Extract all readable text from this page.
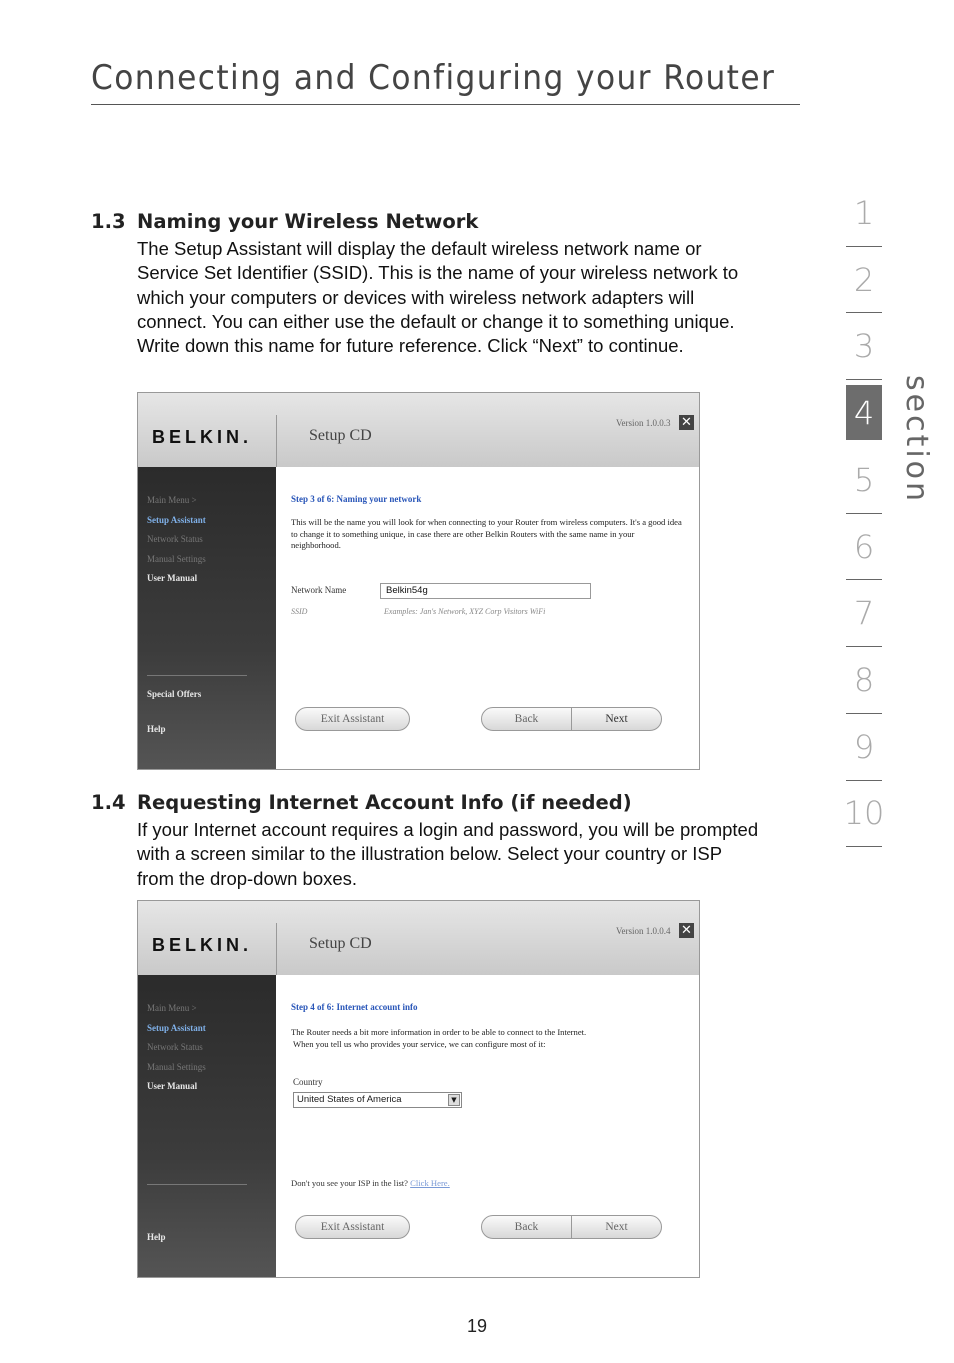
Connecting and Configuring your Router
1
2
3
4
5
6
7
8
9
10
section
1.3 Naming your Wireless Network

The Setup Assistant will display the default wireless network name or Service Set Identifier (SSID). This is the name of your wireless network to which your computers or devices with wireless network adapters will connect. You can either use the default or change it to something unique. Write down this name for future reference. Click “Next” to continue.

BELKIN.	Setup CD
Version 1.0.0.3 ✕
Main Menu >
Setup Assistant
Network Status
Manual Settings
User Manual
Special Offers
Help
Step 3 of 6: Naming your network
This will be the name you will look for when connecting to your Router from wireless computers. It's a good idea to change it to something unique, in case there are other Belkin Routers with the same name in your neighborhood.
Network Name	Belkin54g
SSID	Examples: Jan's Network, XYZ Corp Visitors WiFi
Exit Assistant	Back	Next
1.4 Requesting Internet Account Info (if needed)

If your Internet account requires a login and password, you will be prompted with a screen similar to the illustration below. Select your country or ISP from the drop-down boxes.

BELKIN.	Setup CD
Version 1.0.0.4 ✕
Main Menu >
Setup Assistant
Network Status
Manual Settings
User Manual
Help
Step 4 of 6: Internet account info
The Router needs a bit more information in order to be able to connect to the Internet.
When you tell us who provides your service, we can configure most of it:
Country
United States of America	▼
Don't you see your ISP in the list? Click Here.
Exit Assistant	Back	Next
19
